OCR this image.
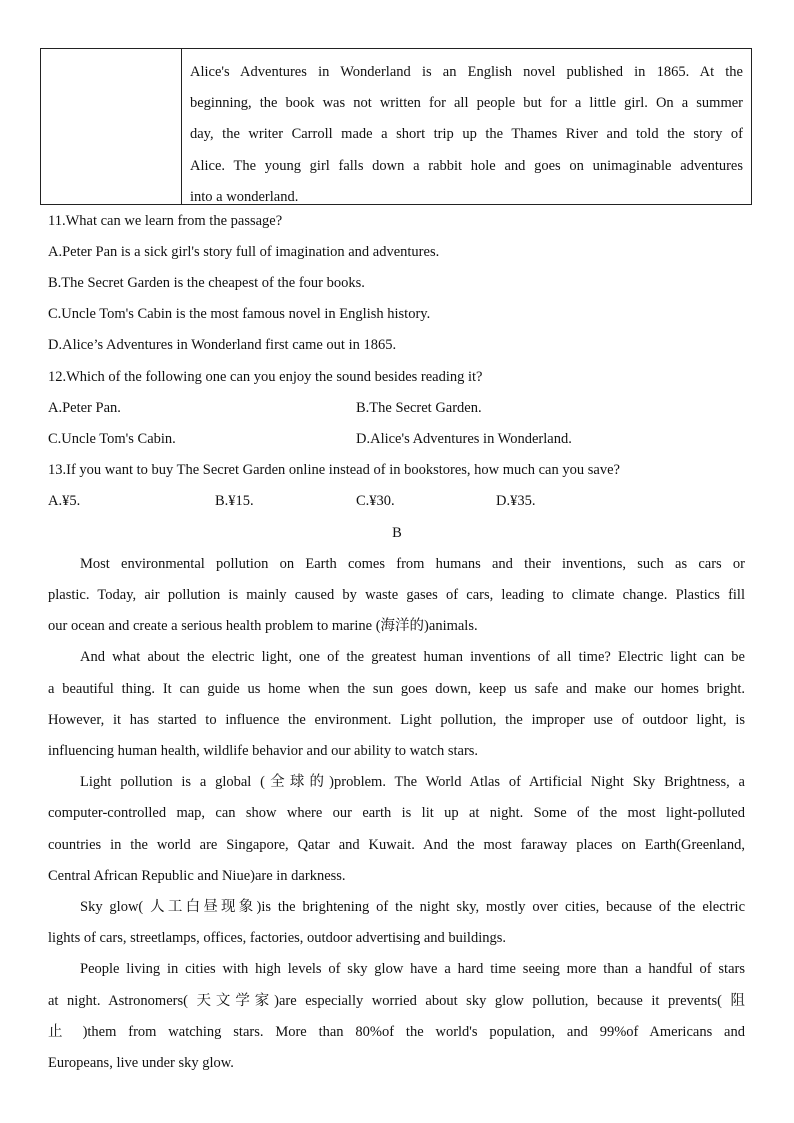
Alice's Adventures in Wonderland is an English novel published in 1865. At the
beginning, the book was not written for all people but for a little girl. On a summer
day, the writer Carroll made a short trip up the Thames River and told the story of
Alice. The young girl falls down a rabbit hole and goes on unimaginable adventures
into a wonderland.
11.What can we learn from the passage?
A.Peter Pan is a sick girl's story full of imagination and adventures.
B.The Secret Garden is the cheapest of the four books.
C.Uncle Tom's Cabin is the most famous novel in English history.
D.Alice’s Adventures in Wonderland first came out in 1865.
12.Which of the following one can you enjoy the sound besides reading it?
A.Peter Pan.	B.The Secret Garden.
C.Uncle Tom's Cabin.	D.Alice's Adventures in Wonderland.
13.If you want to buy The Secret Garden online instead of in bookstores, how much can you save?
A.¥5.	B.¥15.	C.¥30.	D.¥35.
B
Most environmental pollution on Earth comes from humans and their inventions, such as cars or
plastic. Today, air pollution is mainly caused by waste gases of cars, leading to climate change. Plastics fill
our ocean and create a serious health problem to marine (海洋的)animals.
And what about the electric light, one of the greatest human inventions of all time? Electric light can be
a beautiful thing. It can guide us home when the sun goes down, keep us safe and make our homes bright.
However, it has started to influence the environment. Light pollution, the improper use of outdoor light, is
influencing human health, wildlife behavior and our ability to watch stars.
Light pollution is a global (全球的)problem. The World Atlas of Artificial Night Sky Brightness, a
computer-controlled map, can show where our earth is lit up at night. Some of the most light-polluted
countries in the world are Singapore, Qatar and Kuwait. And the most faraway places on Earth(Greenland,
Central African Republic and Niue)are in darkness.
Sky glow( 人工白昼现象)is the brightening of the night sky, mostly over cities, because of the electric
lights of cars, streetlamps, offices, factories, outdoor advertising and buildings.
People living in cities with high levels of sky glow have a hard time seeing more than a handful of stars
at night. Astronomers( 天文学家)are especially worried about sky glow pollution, because it prevents( 阻
止 )them from watching stars. More than 80%of the world's population, and 99%of Americans and
Europeans, live under sky glow.
